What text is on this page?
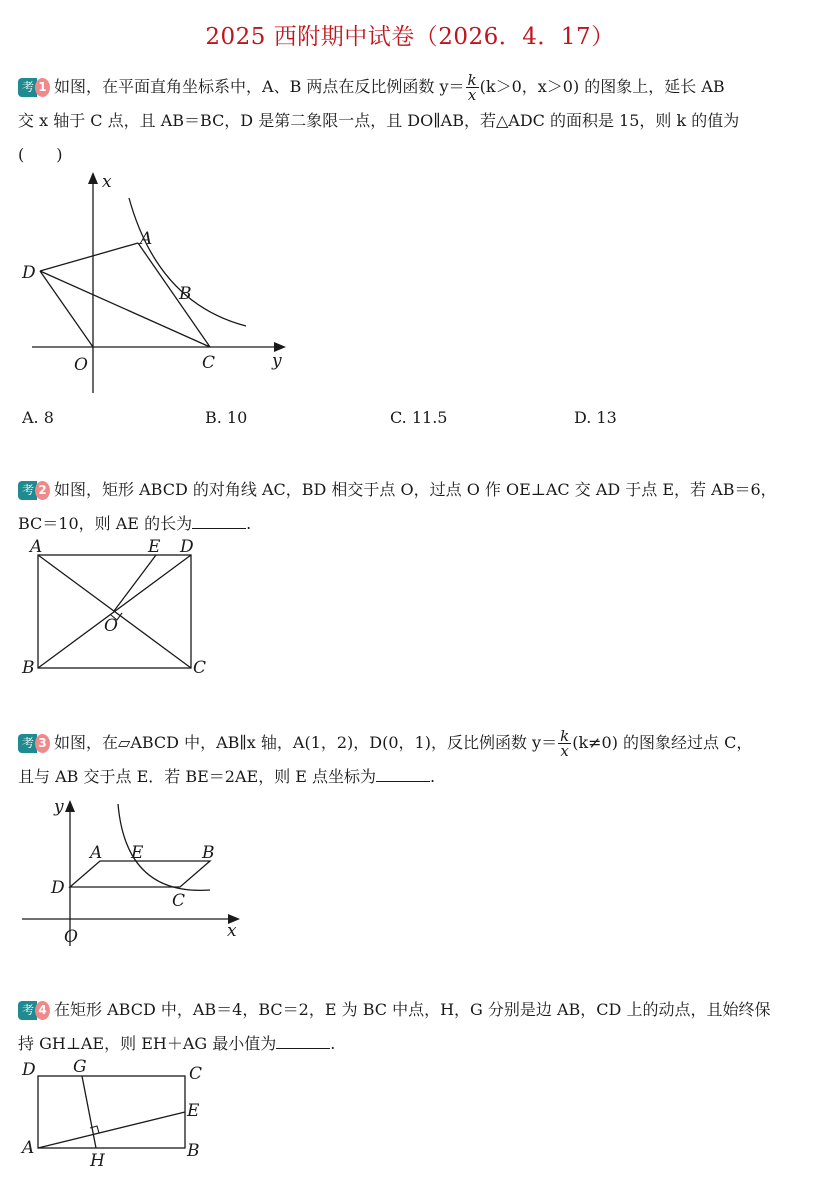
2025 西附期中试卷（2026．4．17）
考 1 如图，在平面直角坐标系中，A、B 两点在反比例函数 $y= \frac{k}{x} (k>0$，x＞0) 的图象上，延长 AB
交 x 轴于 C 点，且 AB＝BC，D 是第二象限一点，且 DO∥AB，若△ADC 的面积是 15，则 k 的值为
(　　)
x
y
O
A
B
C
D
A. 8	B. 10	C. 11.5	D. 13
考 2 如图，矩形 ABCD 的对角线 AC，BD 相交于点 O，过点 O 作 OE⊥AC 交 AD 于点 E，若 AB＝6，
BC＝10，则 AE 的长为	.
A	E D
B	C
O
考 3 如图，在▱ABCD 中，AB∥x 轴，A(1，2)，D(0，1)，反比例函数 $y= \frac{k}{x} (k\ne 0)$ 的图象经过点 C，
且与 AB 交于点 E．若 BE＝2AE，则 E 点坐标为	.
O	x
y
A E	B
D
C
考 4 在矩形 ABCD 中，AB＝4，BC＝2，E 为 BC 中点，H，G 分别是边 AB，CD 上的动点，且始终保
持 GH⊥AE，则 EH＋AG 最小值为	.
D G	C
E
A
H	B
